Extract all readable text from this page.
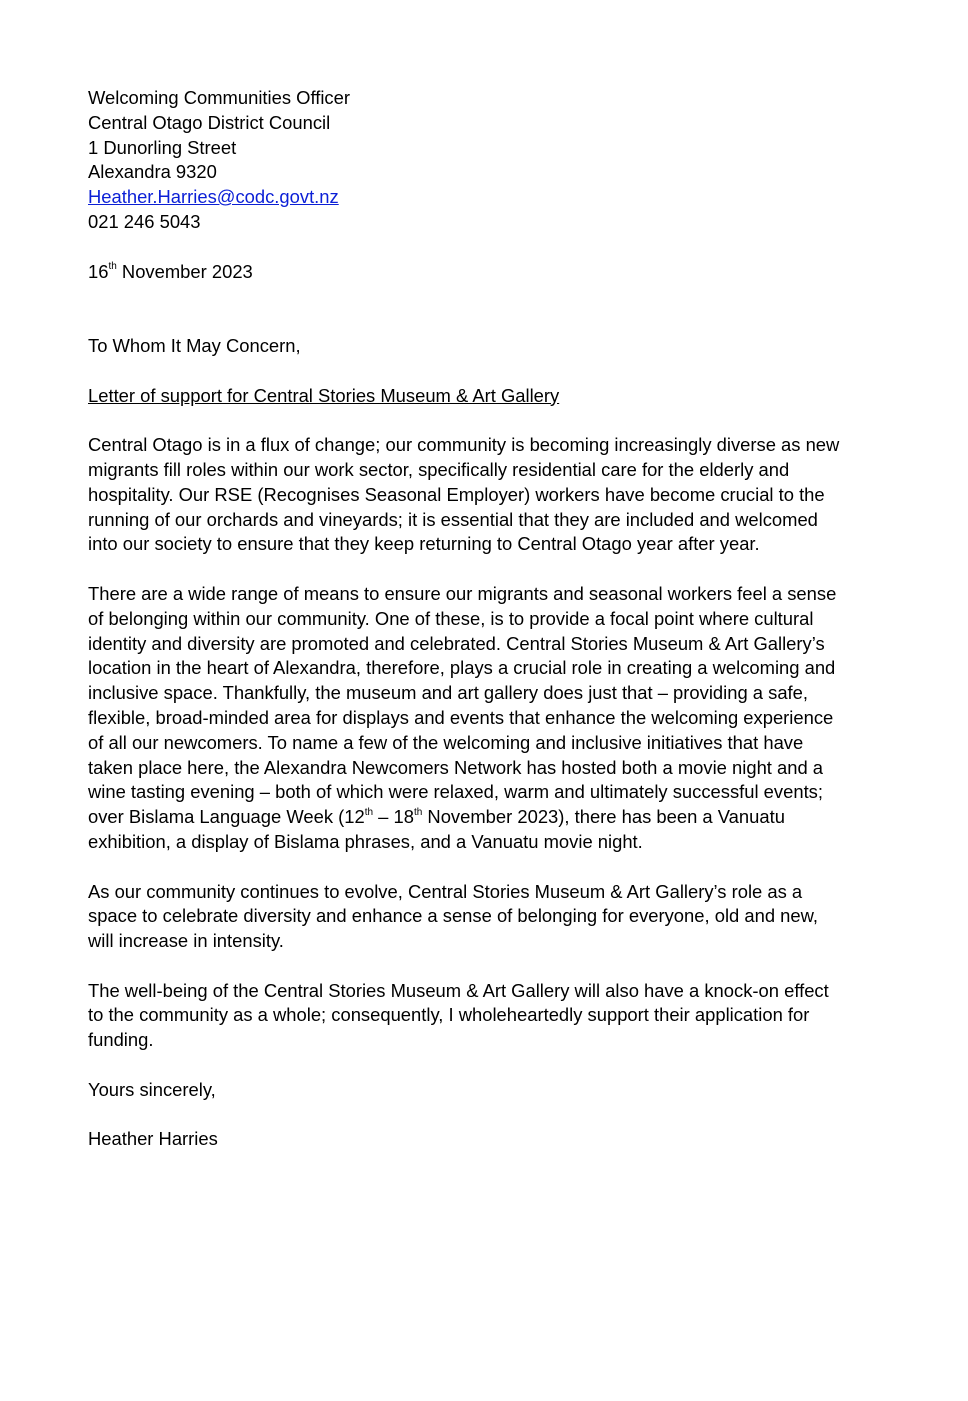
Welcoming Communities Officer
Central Otago District Council
1 Dunorling Street
Alexandra 9320
Heather.Harries@codc.govt.nz
021 246 5043
16th November 2023
To Whom It May Concern,
Letter of support for Central Stories Museum & Art Gallery
Central Otago is in a flux of change; our community is becoming increasingly diverse as new
migrants fill roles within our work sector, specifically residential care for the elderly and
hospitality. Our RSE (Recognises Seasonal Employer) workers have become crucial to the
running of our orchards and vineyards; it is essential that they are included and welcomed
into our society to ensure that they keep returning to Central Otago year after year.
There are a wide range of means to ensure our migrants and seasonal workers feel a sense
of belonging within our community. One of these, is to provide a focal point where cultural
identity and diversity are promoted and celebrated. Central Stories Museum & Art Gallery’s
location in the heart of Alexandra, therefore, plays a crucial role in creating a welcoming and
inclusive space. Thankfully, the museum and art gallery does just that – providing a safe,
flexible, broad-minded area for displays and events that enhance the welcoming experience
of all our newcomers. To name a few of the welcoming and inclusive initiatives that have
taken place here, the Alexandra Newcomers Network has hosted both a movie night and a
wine tasting evening – both of which were relaxed, warm and ultimately successful events;
over Bislama Language Week (12th – 18th November 2023), there has been a Vanuatu
exhibition, a display of Bislama phrases, and a Vanuatu movie night.
As our community continues to evolve, Central Stories Museum & Art Gallery’s role as a
space to celebrate diversity and enhance a sense of belonging for everyone, old and new,
will increase in intensity.
The well-being of the Central Stories Museum & Art Gallery will also have a knock-on effect
to the community as a whole; consequently, I wholeheartedly support their application for
funding.
Yours sincerely,
Heather Harries
